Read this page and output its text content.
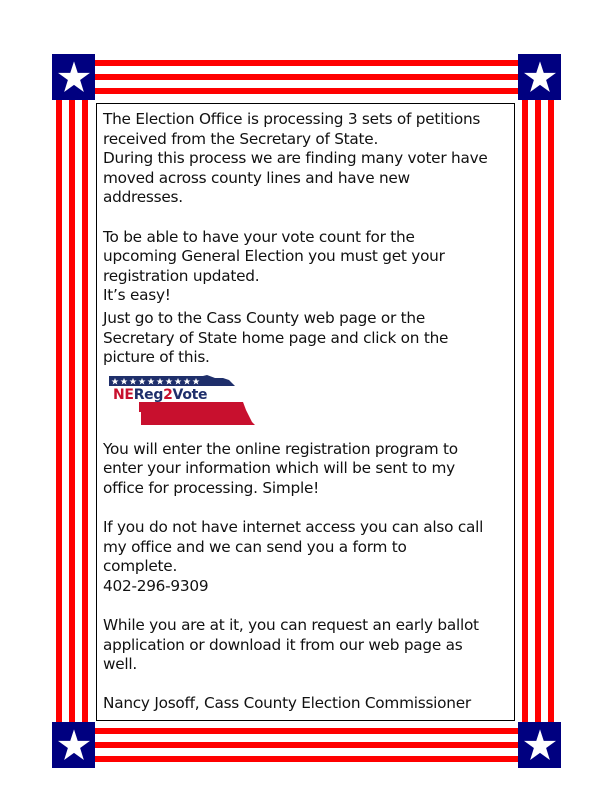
The Election Office is processing 3 sets of petitions
received from the Secretary of State.
During this process we are finding many voter have
moved across county lines and have new
addresses.

To be able to have your vote count for the
upcoming General Election you must get your
registration updated.
It’s easy!

Just go to the Cass County web page or the
Secretary of State home page and click on the
picture of this.

NEReg2Vote

You will enter the online registration program to
enter your information which will be sent to my
office for processing. Simple!

If you do not have internet access you can also call
my office and we can send you a form to
complete.
402-296-9309

While you are at it, you can request an early ballot
application or download it from our web page as
well.

Nancy Josoff, Cass County Election Commissioner
